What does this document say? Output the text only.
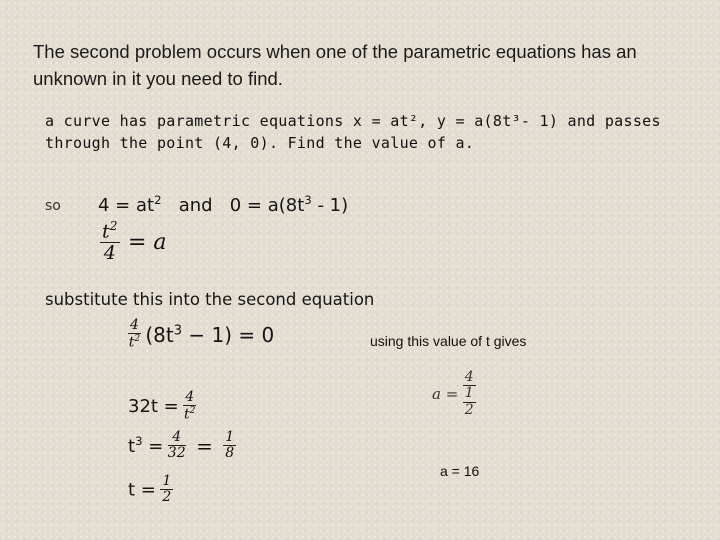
The second problem occurs when one of the parametric equations has an unknown in it you need to find.
a curve has parametric equations x = at², y = a(8t³- 1) and passes through the point (4, 0). Find the value of a.
so $4 = at^2$ and $0 = a(8t^3 - 1)$
$\frac{t^2}{4} = a$
substitute this into the second equation
$\frac{4}{t^2} (8t^3 - 1) = 0$	using this value of t gives
a = 4
1
2
$32t = \frac{4}{t^2}$
$t^3 = \frac{4}{32} = \frac{1}{8}$
a = 16
$t = \frac{1}{2}$
